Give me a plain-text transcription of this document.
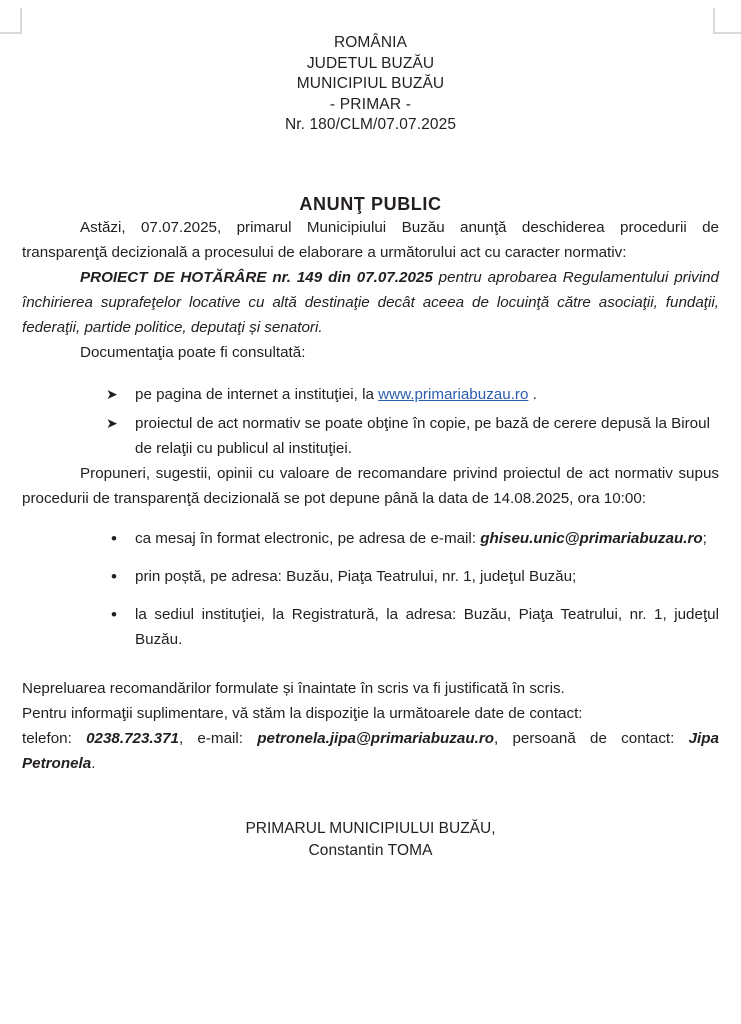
ROMÂNIA
JUDETUL BUZĂU
MUNICIPIUL BUZĂU
- PRIMAR -
Nr. 180/CLM/07.07.2025
ANUNŢ PUBLIC

Astăzi, 07.07.2025, primarul Municipiului Buzău anunţă deschiderea procedurii de transparenţă decizională a procesului de elaborare a următorului act cu caracter normativ:

PROIECT DE HOTĂRÂRE nr. 149 din 07.07.2025 pentru aprobarea Regulamentului privind închirierea suprafeţelor locative cu altă destinaţie decât aceea de locuinţă către asociaţii, fundaţii, federaţii, partide politice, deputaţi și senatori.

Documentaţia poate fi consultată:

➤ pe pagina de internet a instituţiei, la www.primariabuzau.ro .
➤ proiectul de act normativ se poate obţine în copie, pe bază de cerere depusă la Biroul de relaţii cu publicul al instituţiei.

Propuneri, sugestii, opinii cu valoare de recomandare privind proiectul de act normativ supus procedurii de transparenţă decizională se pot depune până la data de 14.08.2025, ora 10:00:

• ca mesaj în format electronic, pe adresa de e-mail: ghiseu.unic@primariabuzau.ro;
• prin poștă, pe adresa: Buzău, Piaţa Teatrului, nr. 1, judeţul Buzău;
• la sediul instituţiei, la Registratură, la adresa: Buzău, Piaţa Teatrului, nr. 1, judeţul Buzău.

Nepreluarea recomandărilor formulate și înaintate în scris va fi justificată în scris.

Pentru informaţii suplimentare, vă stăm la dispoziţie la următoarele date de contact:

telefon: 0238.723.371, e-mail: petronela.jipa@primariabuzau.ro, persoană de contact: Jipa Petronela.

PRIMARUL MUNICIPIULUI BUZĂU,
Constantin TOMA
